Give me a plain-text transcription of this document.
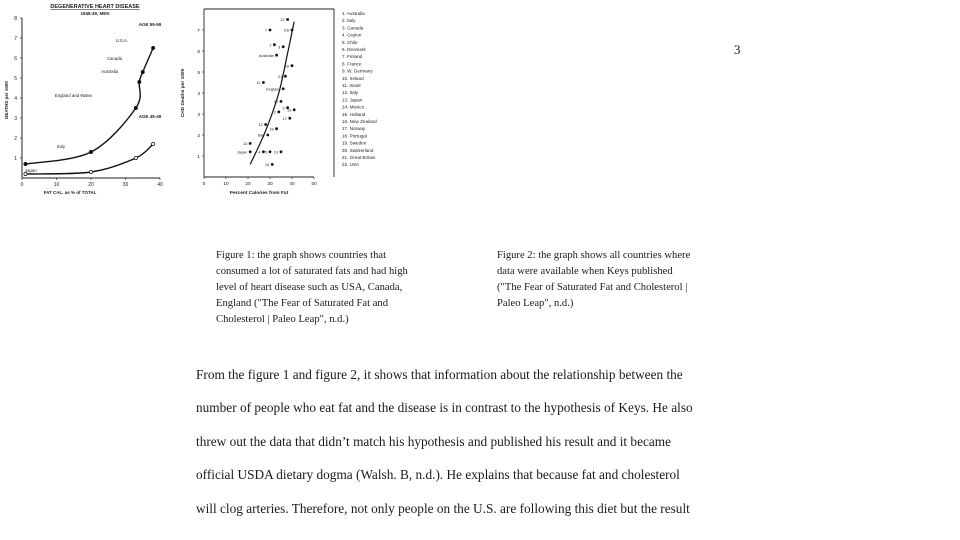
3
DEGENERATIVE HEART DISEASE
1948-49, MEN
0	10	20	30	40
1
2
3
4
5
6
7
8
FAT CAL. as % of TOTAL
DEATHS per 1000
AGE 55-59
AGE 45-49
U.S.A.
Canada
Australia
England and Wales
Italy
Japan

0	10	20	30	40	50
1
2
3
4
5
6
7
Percent Calories from Fat
CHD Deaths per 1000
22
US
7
1
3
Australia
16
21
11
England
20
9
19
2
17
12
18
Italy
13
Japan	4 5
14
10
1. Australia
2. Italy
3. Canada
4. Ceylon
5. Chile
6. Denmark
7. Finland
8. France
9. W. Germany
10. Ireland
11. Israel
12. Italy
13. Japan
14. Mexico
15. Holland
16. New Zealand
17. Norway
18. Portugal
19. Sweden
20. Switzerland
21. Great Britain
22. USA
Figure 1: the graph shows countries that
consumed a lot of saturated fats and had high
level of heart disease such as USA, Canada,
England ("The Fear of Saturated Fat and
Cholesterol | Paleo Leap", n.d.)
Figure 2: the graph shows all countries where
data were available when Keys published
("The Fear of Saturated Fat and Cholesterol |
Paleo Leap", n.d.)
From the figure 1 and figure 2, it shows that information about the relationship between the
number of people who eat fat and the disease is in contrast to the hypothesis of Keys. He also
threw out the data that didn’t match his hypothesis and published his result and it became
official USDA dietary dogma (Walsh. B, n.d.). He explains that because fat and cholesterol
will clog arteries. Therefore, not only people on the U.S. are following this diet but the result
